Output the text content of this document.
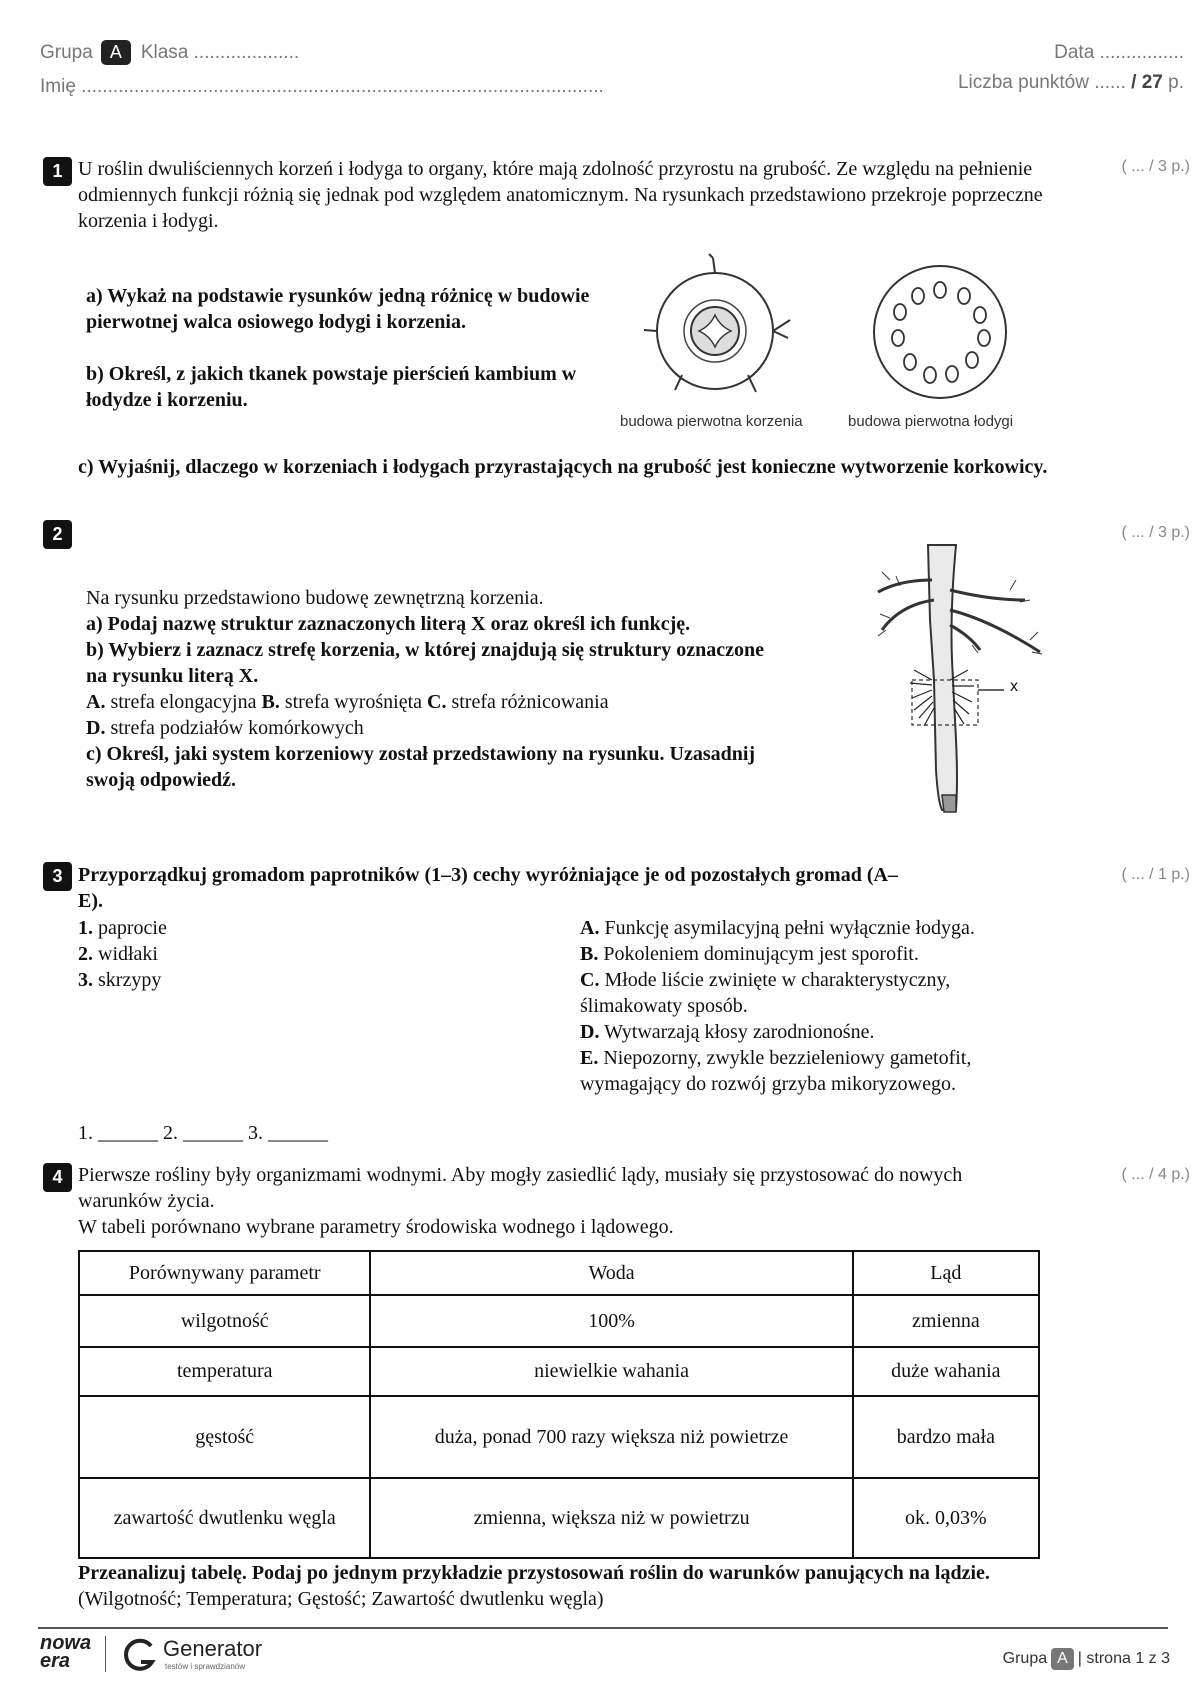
Grupa A Klasa ....................
Imię ...................................................................................................
Data ................
Liczba punktów ...... / 27 p.
1	( ... / 3 p.)
U roślin dwuliściennych korzeń i łodyga to organy, które mają zdolność przyrostu na grubość. Ze względu na pełnienie odmiennych funkcji różnią się jednak pod względem anatomicznym. Na rysunkach przedstawiono przekroje poprzeczne korzenia i łodygi.
a) Wykaż na podstawie rysunków jedną różnicę w budowie pierwotnej walca osiowego łodygi i korzenia.
b) Określ, z jakich tkanek powstaje pierścień kambium w łodydze i korzeniu.
budowa pierwotna korzenia	budowa pierwotna łodygi
c) Wyjaśnij, dlaczego w korzeniach i łodygach przyrastających na grubość jest konieczne wytworzenie korkowicy.
2	( ... / 3 p.)
Na rysunku przedstawiono budowę zewnętrzną korzenia.
a) Podaj nazwę struktur zaznaczonych literą X oraz określ ich funkcję.
b) Wybierz i zaznacz strefę korzenia, w której znajdują się struktury oznaczone na rysunku literą X.
A. strefa elongacyjna B. strefa wyrośnięta C. strefa różnicowania
D. strefa podziałów komórkowych
c) Określ, jaki system korzeniowy został przedstawiony na rysunku. Uzasadnij swoją odpowiedź.
x
3	( ... / 1 p.)
Przyporządkuj gromadom paprotników (1–3) cechy wyróżniające je od pozostałych gromad (A–E).
1. paprocie
2. widłaki
3. skrzypy
A. Funkcję asymilacyjną pełni wyłącznie łodyga.
B. Pokoleniem dominującym jest sporofit.
C. Młode liście zwinięte w charakterystyczny, ślimakowaty sposób.
D. Wytwarzają kłosy zarodnionośne.
E. Niepozorny, zwykle bezzieleniowy gametofit, wymagający do rozwój grzyba mikoryzowego.
1. ______ 2. ______ 3. ______
4	( ... / 4 p.)
Pierwsze rośliny były organizmami wodnymi. Aby mogły zasiedlić lądy, musiały się przystosować do nowych warunków życia.
W tabeli porównano wybrane parametry środowiska wodnego i lądowego.
Porównywany parametr	Woda	Ląd
wilgotność	100%	zmienna
temperatura	niewielkie wahania	duże wahania
gęstość	duża, ponad 700 razy większa niż powietrze	bardzo mała
zawartość dwutlenku węgla	zmienna, większa niż w powietrzu	ok. 0,03%
Przeanalizuj tabelę. Podaj po jednym przykładzie przystosowań roślin do warunków panujących na lądzie. (Wilgotność; Temperatura; Gęstość; Zawartość dwutlenku węgla)
nowa
era	Generator
testów i sprawdzianów	Grupa A | strona 1 z 3
